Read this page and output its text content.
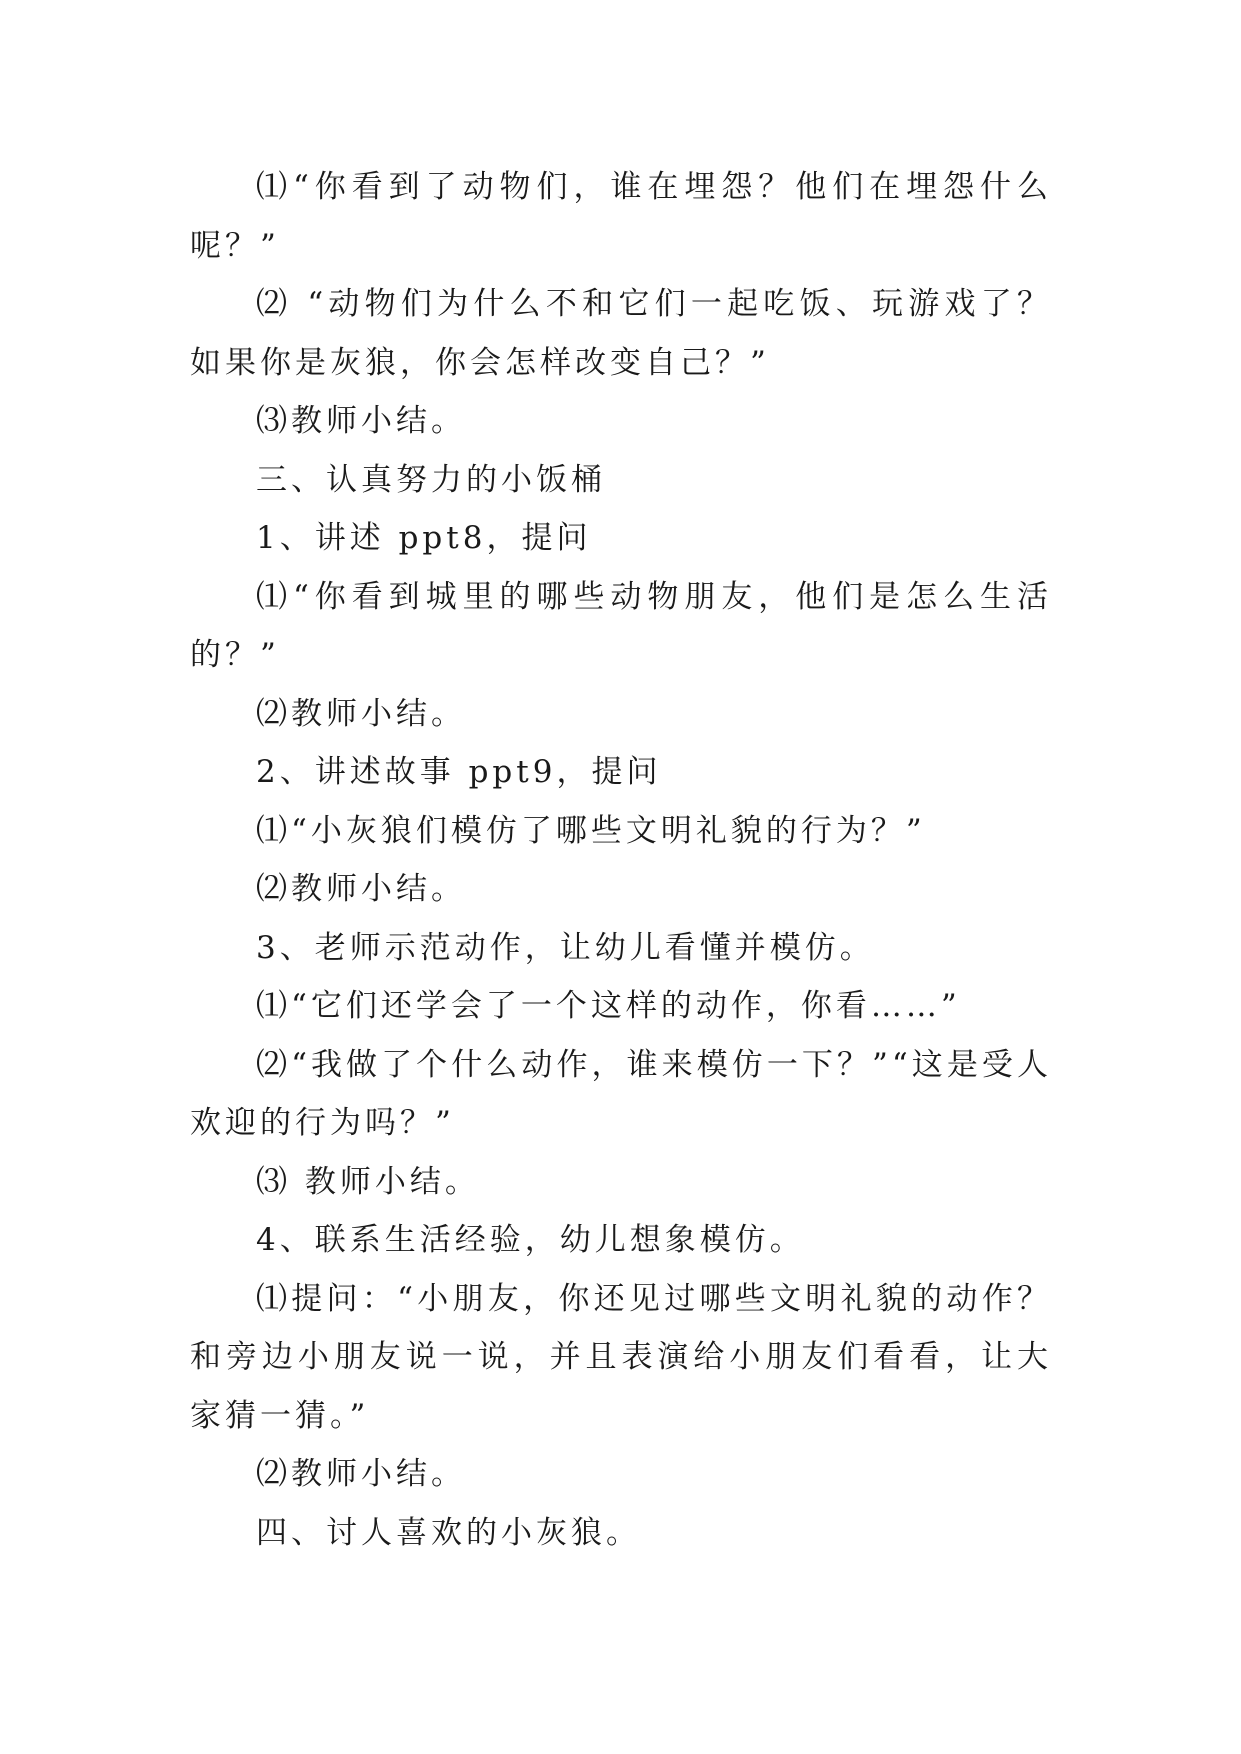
⑴“你看到了动物们，谁在埋怨？他们在埋怨什么呢？”

⑵ “动物们为什么不和它们一起吃饭、玩游戏了？如果你是灰狼，你会怎样改变自己？”

⑶教师小结。

三、认真努力的小饭桶

1、讲述 ppt8，提问

⑴“你看到城里的哪些动物朋友，他们是怎么生活的？”

⑵教师小结。

2、讲述故事 ppt9，提问

⑴“小灰狼们模仿了哪些文明礼貌的行为？”

⑵教师小结。

3、老师示范动作，让幼儿看懂并模仿。

⑴“它们还学会了一个这样的动作，你看……”

⑵“我做了个什么动作，谁来模仿一下？”“这是受人欢迎的行为吗？”

⑶ 教师小结。

4、联系生活经验，幼儿想象模仿。

⑴提问：“小朋友，你还见过哪些文明礼貌的动作？和旁边小朋友说一说，并且表演给小朋友们看看，让大家猜一猜。”

⑵教师小结。

四、讨人喜欢的小灰狼。
